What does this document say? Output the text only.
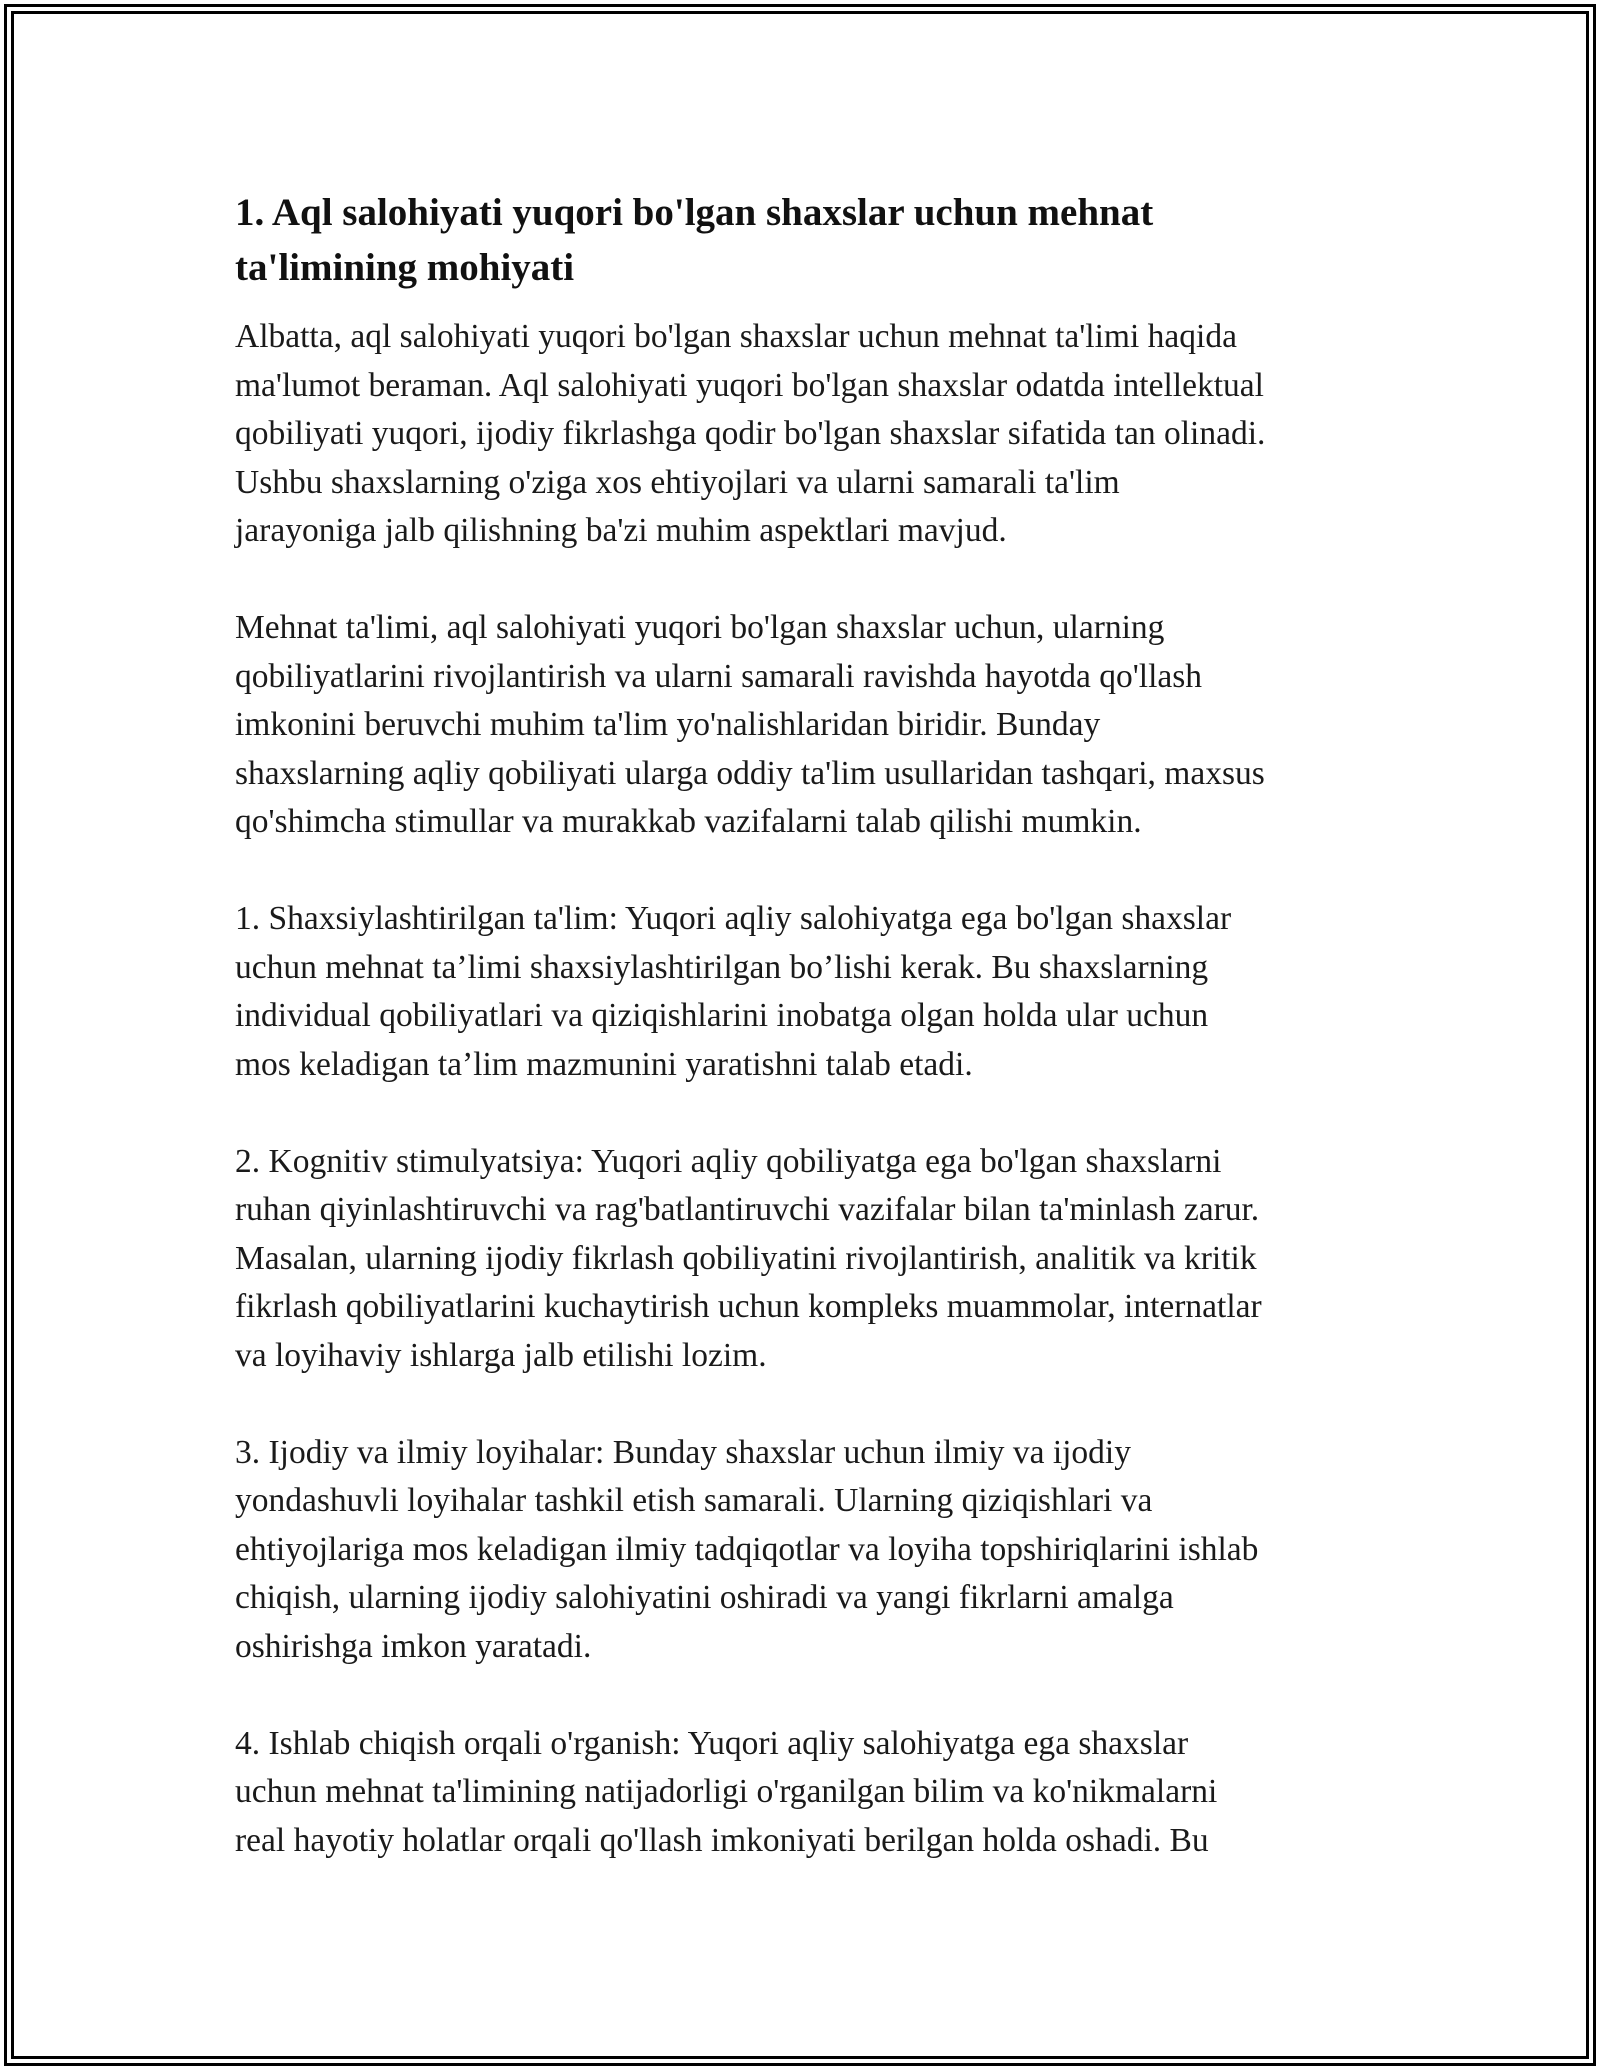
1. Aql salohiyati yuqori bo'lgan shaxslar uchun mehnat
ta'limining mohiyati

Albatta, aql salohiyati yuqori bo'lgan shaxslar uchun mehnat ta'limi haqida
ma'lumot beraman. Aql salohiyati yuqori bo'lgan shaxslar odatda intellektual
qobiliyati yuqori, ijodiy fikrlashga qodir bo'lgan shaxslar sifatida tan olinadi.
Ushbu shaxslarning o'ziga xos ehtiyojlari va ularni samarali ta'lim
jarayoniga jalb qilishning ba'zi muhim aspektlari mavjud.

Mehnat ta'limi, aql salohiyati yuqori bo'lgan shaxslar uchun, ularning
qobiliyatlarini rivojlantirish va ularni samarali ravishda hayotda qo'llash
imkonini beruvchi muhim ta'lim yo'nalishlaridan biridir. Bunday
shaxslarning aqliy qobiliyati ularga oddiy ta'lim usullaridan tashqari, maxsus
qo'shimcha stimullar va murakkab vazifalarni talab qilishi mumkin.

1. Shaxsiylashtirilgan ta'lim: Yuqori aqliy salohiyatga ega bo'lgan shaxslar
uchun mehnat ta’limi shaxsiylashtirilgan bo’lishi kerak. Bu shaxslarning
individual qobiliyatlari va qiziqishlarini inobatga olgan holda ular uchun
mos keladigan ta’lim mazmunini yaratishni talab etadi.

2. Kognitiv stimulyatsiya: Yuqori aqliy qobiliyatga ega bo'lgan shaxslarni
ruhan qiyinlashtiruvchi va rag'batlantiruvchi vazifalar bilan ta'minlash zarur.
Masalan, ularning ijodiy fikrlash qobiliyatini rivojlantirish, analitik va kritik
fikrlash qobiliyatlarini kuchaytirish uchun kompleks muammolar, internatlar
va loyihaviy ishlarga jalb etilishi lozim.

3. Ijodiy va ilmiy loyihalar: Bunday shaxslar uchun ilmiy va ijodiy
yondashuvli loyihalar tashkil etish samarali. Ularning qiziqishlari va
ehtiyojlariga mos keladigan ilmiy tadqiqotlar va loyiha topshiriqlarini ishlab
chiqish, ularning ijodiy salohiyatini oshiradi va yangi fikrlarni amalga
oshirishga imkon yaratadi.

4. Ishlab chiqish orqali o'rganish: Yuqori aqliy salohiyatga ega shaxslar
uchun mehnat ta'limining natijadorligi o'rganilgan bilim va ko'nikmalarni
real hayotiy holatlar orqali qo'llash imkoniyati berilgan holda oshadi. Bu
